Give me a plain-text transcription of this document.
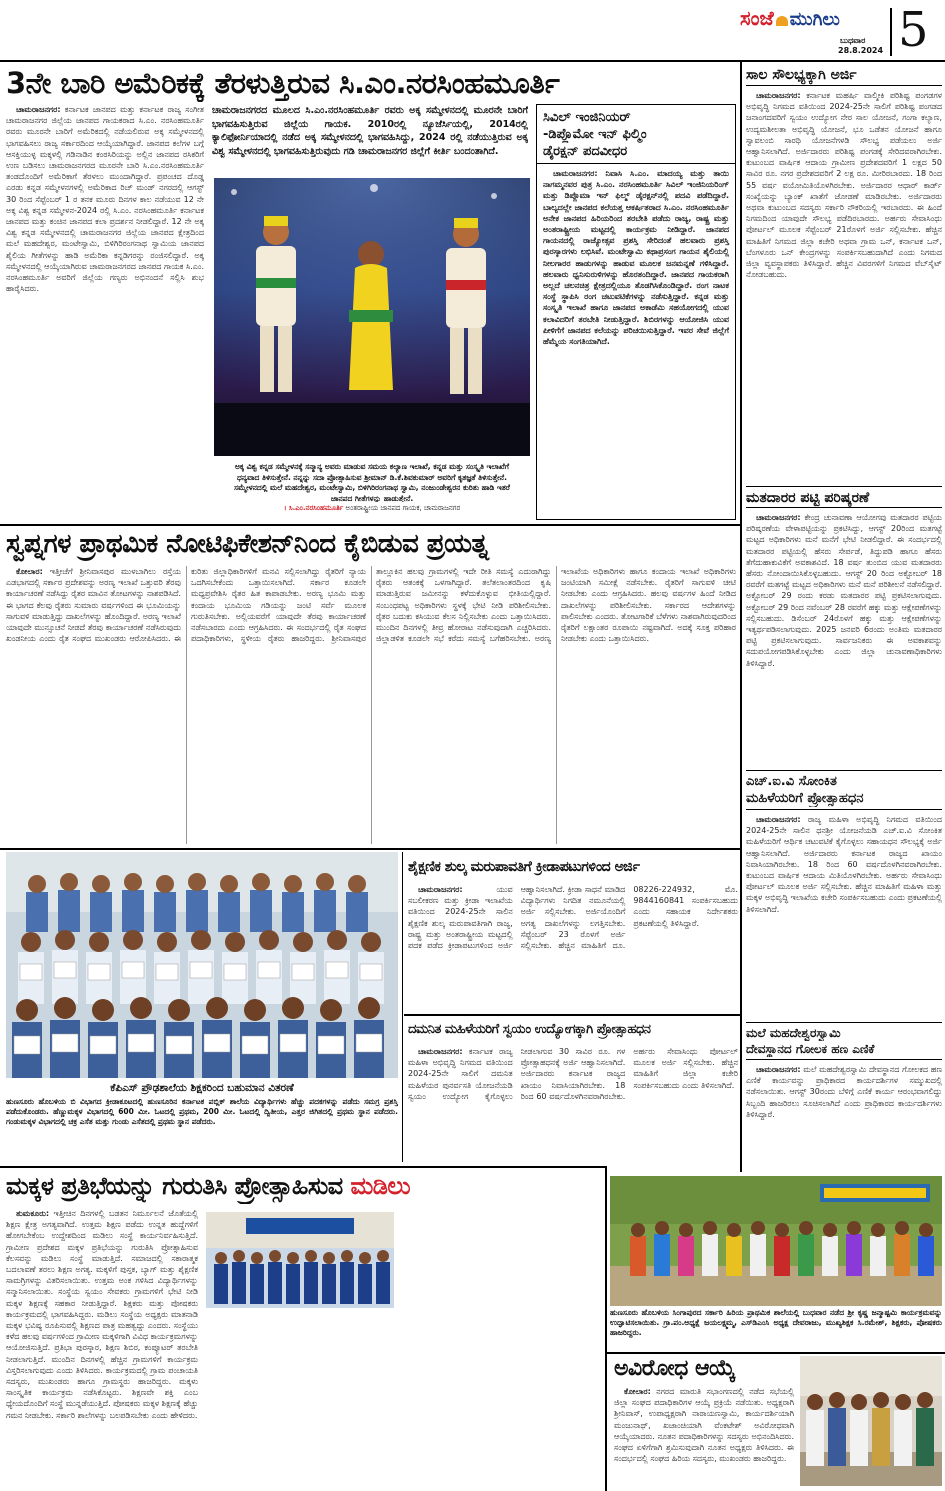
ಸಂಜೆ ಮುಗಿಲು
ಬುಧವಾರ
28.8.2024 5
3ನೇ ಬಾರಿ ಅಮೆರಿಕಕ್ಕೆ ತೆರಳುತ್ತಿರುವ ಸಿ.ಎಂ.ನರಸಿಂಹಮೂರ್ತಿ

ಚಾಮರಾಜನಗರ: ಕರ್ನಾಟಕ ಜಾನಪದ ಮತ್ತು ಕರ್ನಾಟಕ ರಾಜ್ಯ ಸಂಗೀತ ಚಾಮರಾಜನಗರ ಜಿಲ್ಲೆಯ ಜಾನಪದ ಗಾಯಕರಾದ ಸಿ.ಎಂ. ನರಸಿಂಹಮೂರ್ತಿ ರವರು ಮೂರನೇ ಬಾರಿಗೆ ಅಮೆರಿಕದಲ್ಲಿ ನಡೆಯಲಿರುವ ಅಕ್ಕ ಸಮ್ಮೇಳನದಲ್ಲಿ ಭಾಗವಹಿಸಲು ರಾಜ್ಯ ಸರ್ಕಾರದಿಂದ ಆಯ್ಕೆಯಾಗಿದ್ದಾರೆ. ಜಾನಪದ ಕಲೆಗಳ ಬಗ್ಗೆ ಆಸಕ್ತಿಯುಳ್ಳ ಮಕ್ಕಳಲ್ಲಿ ಗಡಿನಾಡಿನ ಕಂಠಸಿರಿಯನ್ನು ಅಲ್ಲಿನ ಜಾನಪದ ರಸಿಕರಿಗೆ ಉಣ ಬಡಿಸಲು ಚಾಮರಾಜನಗರದ ಮೂರನೇ ಬಾರಿ ಸಿ.ಎಂ.ನರಸಿಂಹಮೂರ್ತಿ ತಂಡದೊಂದಿಗೆ ಅಮೆರಿಕಾಗೆ ತೆರಳಲು ಮುಂದಾಗಿದ್ದಾರೆ. ಪ್ರಪಂಚದ ದೊಡ್ಡ ಎರಡು ಕನ್ನಡ ಸಮ್ಮೇಳನಗಳಲ್ಲಿ ಅಮೆರಿಕಾದ ರಿಚ್ ಮಂಡ್ ನಗರದಲ್ಲಿ ಆಗಸ್ಟ್ 30 ರಿಂದ ಸೆಪ್ಟೆಂಬರ್ 1 ರ ತನಕ ಮೂರು ದಿನಗಳ ಕಾಲ ನಡೆಯುವ 12 ನೇ ಅಕ್ಕ ವಿಶ್ವ ಕನ್ನಡ ಸಮ್ಮೇಳನ-2024 ರಲ್ಲಿ ಸಿ.ಎಂ. ನರಸಿಂಹಮೂರ್ತಿ ಕರ್ನಾಟಕ ಜಾನಪದ ಮತ್ತು ಕಂಚಿನ ಜಾನಪದ ಕಲಾ ಪ್ರದರ್ಶನ ನೀಡಲಿದ್ದಾರೆ. 12 ನೇ ಅಕ್ಕ ವಿಶ್ವ ಕನ್ನಡ ಸಮ್ಮೇಳನದಲ್ಲಿ ಚಾಮರಾಜನಗರ ಜಿಲ್ಲೆಯ ಜಾನಪದ ಕ್ಷೇತ್ರದಿಂದ ಮಲೆ ಮಹದೇಶ್ವರ, ಮಂಟೇಸ್ವಾಮಿ, ಬಿಳಿಗಿರಿರಂಗನಾಥ ಸ್ವಾಮಿಯ ಜಾನಪದ ಶೈಲಿಯ ಗೀತೆಗಳನ್ನು ಹಾಡಿ ಅಮೆರಿಕಾ ಕನ್ನಡಿಗರನ್ನು ರಂಜಿಸಲಿದ್ದಾರೆ. ಅಕ್ಕ ಸಮ್ಮೇಳನದಲ್ಲಿ ಆಯ್ಕೆಯಾಗಿರುವ ಚಾಮರಾಜನಗರದ ಜಾನಪದ ಗಾಯಕ ಸಿ.ಎಂ. ನರಸಿಂಹಮೂರ್ತಿ ಅವರಿಗೆ ಜಿಲ್ಲೆಯ ಗಣ್ಯರು ಅಭಿನಂದನೆ ಸಲ್ಲಿಸಿ ಶುಭ ಹಾರೈಸಿದರು.

ಚಾಮರಾಜನಗರದ ಮೂಲದ ಸಿ.ಎಂ.ನರಸಿಂಹಮೂರ್ತಿ ರವರು ಅಕ್ಕ ಸಮ್ಮೇಳನದಲ್ಲಿ ಮೂರನೇ ಬಾರಿಗೆ ಭಾಗವಹಿಸುತ್ತಿರುವ ಜಿಲ್ಲೆಯ ಗಾಯಕ. 2010ರಲ್ಲಿ ನ್ಯೂಜೆರ್ಸಿಯಲ್ಲಿ, 2014ರಲ್ಲಿ ಕ್ಯಾಲಿಫೋರ್ನಿಯಾದಲ್ಲಿ ನಡೆದ ಅಕ್ಕ ಸಮ್ಮೇಳನದಲ್ಲಿ ಭಾಗವಹಿಸಿದ್ದು, 2024 ರಲ್ಲಿ ನಡೆಯುತ್ತಿರುವ ಅಕ್ಕ ವಿಶ್ವ ಸಮ್ಮೇಳನದಲ್ಲಿ ಭಾಗವಹಿಸುತ್ತಿರುವುದು ಗಡಿ ಚಾಮರಾಜನಗರ ಜಿಲ್ಲೆಗೆ ಕೀರ್ತಿ ಬಂದಂತಾಗಿದೆ.
ಅಕ್ಕ ವಿಶ್ವ ಕನ್ನಡ ಸಮ್ಮೇಳನಕ್ಕೆ ಸನ್ಮಾನ್ಯ ಅವರು ಮಾಡುವ ಸಮಯ ಕಲ್ಯಾಣ ಇಲಾಖೆ, ಕನ್ನಡ ಮತ್ತು ಸಂಸ್ಕೃತಿ ಇಲಾಖೆಗೆ ಧನ್ಯವಾದ ತಿಳಿಸುತ್ತೇನೆ. ನನ್ನನ್ನು ಸದಾ ಪ್ರೋತ್ಸಾಹಿಸುವ ಶ್ರೀಮಾನ್ ಡಿ.ಕೆ.ಶಿವಕುಮಾರ್ ಅವರಿಗೆ ಕೃತಜ್ಞತೆ ತಿಳಿಸುತ್ತೇನೆ. ಸಮ್ಮೇಳನದಲ್ಲಿ ಮಲೆ ಮಹದೇಶ್ವರ, ಮಂಟೇಸ್ವಾಮಿ, ಬಿಳಿಗಿರಿರಂಗನಾಥ ಸ್ವಾಮಿ, ನಂಜುಂಡೇಶ್ವರನ ಕುರಿತು ಹಾಡಿ ಇತರೆ ಜಾನಪದ ಗೀತೆಗಳನ್ನು ಹಾಡುತ್ತೇನೆ.
। ಸಿ.ಎಂ.ನರಸಿಂಹಮೂರ್ತಿ ಅಂತರಾಷ್ಟ್ರೀಯ ಜಾನಪದ ಗಾಯಕ, ಚಾಮರಾಜನಗರ
ಸಾಲ ಸೌಲಭ್ಯಕ್ಕಾಗಿ ಅರ್ಜಿ

ಚಾಮರಾಜನಗರ: ಕರ್ನಾಟಕ ಮಹರ್ಷಿ ವಾಲ್ಮೀಕಿ ಪರಿಶಿಷ್ಟ ಪಂಗಡಗಳ ಅಭಿವೃದ್ಧಿ ನಿಗಮದ ವತಿಯಿಂದ 2024-25ನೇ ಸಾಲಿಗೆ ಪರಿಶಿಷ್ಟ ಪಂಗಡದ ಜನಾಂಗದವರಿಗೆ ಸ್ವಯಂ ಉದ್ಯೋಗ ನೇರ ಸಾಲ ಯೋಜನೆ, ಗಂಗಾ ಕಲ್ಯಾಣ, ಉದ್ಯಮಶೀಲತಾ ಅಭಿವೃದ್ಧಿ ಯೋಜನೆ, ಭೂ ಒಡೆತನ ಯೋಜನೆ ಹಾಗೂ ಸ್ವಾವಲಂಬಿ ಸಾರಥಿ ಯೋಜನೆಗಳಡಿ ಸೌಲಭ್ಯ ಪಡೆಯಲು ಅರ್ಜಿ ಆಹ್ವಾನಿಸಲಾಗಿದೆ. ಅರ್ಜಿದಾರರು ಪರಿಶಿಷ್ಟ ಪಂಗಡಕ್ಕೆ ಸೇರಿದವರಾಗಿರಬೇಕು. ಕುಟುಂಬದ ವಾರ್ಷಿಕ ಆದಾಯ ಗ್ರಾಮೀಣ ಪ್ರದೇಶದವರಿಗೆ 1 ಲಕ್ಷದ 50 ಸಾವಿರ ರೂ. ನಗರ ಪ್ರದೇಶದವರಿಗೆ 2 ಲಕ್ಷ ರೂ. ಮೀರಿರಬಾರದು. 18 ರಿಂದ 55 ವರ್ಷ ವಯೋಮಿತಿಯೊಳಗಿರಬೇಕು. ಅರ್ಜಿದಾರರ ಆಧಾರ್ ಕಾರ್ಡ್ ಸಂಖ್ಯೆಯನ್ನು ಬ್ಯಾಂಕ್ ಖಾತೆಗೆ ಜೋಡಣೆ ಮಾಡಿರಬೇಕು. ಅರ್ಜಿದಾರರು ಅಥವಾ ಕುಟುಂಬದ ಸದಸ್ಯರು ಸರ್ಕಾರಿ ನೌಕರಿಯಲ್ಲಿ ಇರಬಾರದು. ಈ ಹಿಂದೆ ನಿಗಮದಿಂದ ಯಾವುದೇ ಸೌಲಭ್ಯ ಪಡೆದಿರಬಾರದು. ಅರ್ಹರು ಸೇವಾಸಿಂಧು ಪೋರ್ಟಲ್ ಮೂಲಕ ಸೆಪ್ಟೆಂಬರ್ 21ರೊಳಗೆ ಅರ್ಜಿ ಸಲ್ಲಿಸಬೇಕು. ಹೆಚ್ಚಿನ ಮಾಹಿತಿಗೆ ನಿಗಮದ ಜಿಲ್ಲಾ ಕಚೇರಿ ಅಥವಾ ಗ್ರಾಮ ಒನ್, ಕರ್ನಾಟಕ ಒನ್, ಬೆಂಗಳೂರು ಒನ್ ಕೇಂದ್ರಗಳನ್ನು ಸಂಪರ್ಕಿಸಬಹುದಾಗಿದೆ ಎಂದು ನಿಗಮದ ಜಿಲ್ಲಾ ವ್ಯವಸ್ಥಾಪಕರು ತಿಳಿಸಿದ್ದಾರೆ. ಹೆಚ್ಚಿನ ವಿವರಗಳಿಗೆ ನಿಗಮದ ವೆಬ್‌ಸೈಟ್ ನೋಡಬಹುದು.

ಮತದಾರರ ಪಟ್ಟಿ ಪರಿಷ್ಕರಣೆ

ಚಾಮರಾಜನಗರ: ಕೇಂದ್ರ ಚುನಾವಣಾ ಆಯೋಗವು ಮತದಾರರ ಪಟ್ಟಿಯ ಪರಿಷ್ಕರಣೆಯ ವೇಳಾಪಟ್ಟಿಯನ್ನು ಪ್ರಕಟಿಸಿದ್ದು, ಆಗಸ್ಟ್ 20ರಿಂದ ಮತಗಟ್ಟೆ ಮಟ್ಟದ ಅಧಿಕಾರಿಗಳು ಮನೆ ಮನೆಗೆ ಭೇಟಿ ನೀಡಲಿದ್ದಾರೆ. ಈ ಸಂದರ್ಭದಲ್ಲಿ ಮತದಾರರ ಪಟ್ಟಿಯಲ್ಲಿ ಹೆಸರು ಸೇರ್ಪಡೆ, ತಿದ್ದುಪಡಿ ಹಾಗೂ ಹೆಸರು ತೆಗೆದುಹಾಕುವಿಕೆಗೆ ಅವಕಾಶವಿದೆ. 18 ವರ್ಷ ತುಂಬಿದ ಯುವ ಮತದಾರರು ಹೆಸರು ನೋಂದಾಯಿಸಿಕೊಳ್ಳಬಹುದು. ಆಗಸ್ಟ್ 20 ರಿಂದ ಅಕ್ಟೋಬರ್ 18 ರವರೆಗೆ ಮತಗಟ್ಟೆ ಮಟ್ಟದ ಅಧಿಕಾರಿಗಳು ಮನೆ ಮನೆ ಪರಿಶೀಲನೆ ನಡೆಸಲಿದ್ದಾರೆ. ಅಕ್ಟೋಬರ್ 29 ರಂದು ಕರಡು ಮತದಾರರ ಪಟ್ಟಿ ಪ್ರಕಟಿಸಲಾಗುವುದು. ಅಕ್ಟೋಬರ್ 29 ರಿಂದ ನವೆಂಬರ್ 28 ರವರೆಗೆ ಹಕ್ಕು ಮತ್ತು ಆಕ್ಷೇಪಣೆಗಳನ್ನು ಸಲ್ಲಿಸಬಹುದು. ಡಿಸೆಂಬರ್ 24ರೊಳಗೆ ಹಕ್ಕು ಮತ್ತು ಆಕ್ಷೇಪಣೆಗಳನ್ನು ಇತ್ಯರ್ಥಪಡಿಸಲಾಗುವುದು. 2025 ಜನವರಿ 6ರಂದು ಅಂತಿಮ ಮತದಾರರ ಪಟ್ಟಿ ಪ್ರಕಟಿಸಲಾಗುವುದು. ಸಾರ್ವಜನಿಕರು ಈ ಅವಕಾಶವನ್ನು ಸದುಪಯೋಗಪಡಿಸಿಕೊಳ್ಳಬೇಕು ಎಂದು ಜಿಲ್ಲಾ ಚುನಾವಣಾಧಿಕಾರಿಗಳು ತಿಳಿಸಿದ್ದಾರೆ.

ಎಚ್.ಐ.ವಿ ಸೋಂಕಿತ
ಮಹಿಳೆಯರಿಗೆ ಪ್ರೋತ್ಸಾಹಧನ

ಚಾಮರಾಜನಗರ: ರಾಜ್ಯ ಮಹಿಳಾ ಅಭಿವೃದ್ಧಿ ನಿಗಮದ ವತಿಯಿಂದ 2024-25ನೇ ಸಾಲಿನ ಧನಶ್ರೀ ಯೋಜನೆಯಡಿ ಎಚ್.ಐ.ವಿ ಸೋಂಕಿತ ಮಹಿಳೆಯರಿಗೆ ಆರ್ಥಿಕ ಚಟುವಟಿಕೆ ಕೈಗೊಳ್ಳಲು ಸಹಾಯಧನ ಸೌಲಭ್ಯಕ್ಕೆ ಅರ್ಜಿ ಆಹ್ವಾನಿಸಲಾಗಿದೆ. ಅರ್ಜಿದಾರರು ಕರ್ನಾಟಕ ರಾಜ್ಯದ ಖಾಯಂ ನಿವಾಸಿಯಾಗಿರಬೇಕು. 18 ರಿಂದ 60 ವರ್ಷದೊಳಗಿನವರಾಗಿರಬೇಕು. ಕುಟುಂಬದ ವಾರ್ಷಿಕ ಆದಾಯ ಮಿತಿಯೊಳಗಿರಬೇಕು. ಅರ್ಹರು ಸೇವಾಸಿಂಧು ಪೋರ್ಟಲ್ ಮೂಲಕ ಅರ್ಜಿ ಸಲ್ಲಿಸಬೇಕು. ಹೆಚ್ಚಿನ ಮಾಹಿತಿಗೆ ಮಹಿಳಾ ಮತ್ತು ಮಕ್ಕಳ ಅಭಿವೃದ್ಧಿ ಇಲಾಖೆಯ ಕಚೇರಿ ಸಂಪರ್ಕಿಸಬಹುದು ಎಂದು ಪ್ರಕಟಣೆಯಲ್ಲಿ ತಿಳಿಸಲಾಗಿದೆ.

ಮಲೆ ಮಹದೇಶ್ವರಸ್ವಾಮಿ
ದೇವಸ್ಥಾನದ ಗೋಲಕ ಹಣ ಎಣಿಕೆ

ಚಾಮರಾಜನಗರ: ಮಲೆ ಮಹದೇಶ್ವರಸ್ವಾಮಿ ದೇವಸ್ಥಾನದ ಗೋಲಕದ ಹಣ ಎಣಿಕೆ ಕಾರ್ಯವನ್ನು ಪ್ರಾಧಿಕಾರದ ಕಾರ್ಯದರ್ಶಿಗಳ ಸಮ್ಮುಖದಲ್ಲಿ ನಡೆಸಲಾಯಿತು. ಆಗಸ್ಟ್ 30ರಂದು ಬೆಳಿಗ್ಗೆ ಎಣಿಕೆ ಕಾರ್ಯ ಆರಂಭವಾಗಲಿದ್ದು ಸಿಬ್ಬಂದಿ ಹಾಜರಿರಲು ಸೂಚಿಸಲಾಗಿದೆ ಎಂದು ಪ್ರಾಧಿಕಾರದ ಕಾರ್ಯದರ್ಶಿಗಳು ತಿಳಿಸಿದ್ದಾರೆ.

ಸ್ವಪ್ನಗಳ ಪ್ರಾಥಮಿಕ ನೋಟಿಫಿಕೇಶನ್‌ನಿಂದ ಕೈಬಿಡುವ ಪ್ರಯತ್ನ

ಕೋಲಾರ: ಇತ್ತೀಚೆಗೆ ಶ್ರೀನಿವಾಸಪುರ ಮುಳಬಾಗಿಲು ರಸ್ತೆಯ ಎಡಭಾಗದಲ್ಲಿ ಸರ್ಕಾರ ಪ್ರದೇಶವನ್ನು ಅರಣ್ಯ ಇಲಾಖೆ ಒತ್ತುವರಿ ತೆರವು ಕಾರ್ಯಾಚರಣೆ ನಡೆಸಿದ್ದು ರೈತರ ಮಾವಿನ ತೋಟಗಳನ್ನು ನಾಶಪಡಿಸಿದೆ. ಈ ಭಾಗದ ಕೆಲವು ರೈತರು ಸುಮಾರು ವರ್ಷಗಳಿಂದ ಈ ಭೂಮಿಯನ್ನು ಸಾಗುವಳಿ ಮಾಡುತ್ತಿದ್ದು ದಾಖಲೆಗಳನ್ನು ಹೊಂದಿದ್ದಾರೆ. ಅರಣ್ಯ ಇಲಾಖೆ ಯಾವುದೇ ಮುನ್ಸೂಚನೆ ನೀಡದೆ ತೆರವು ಕಾರ್ಯಾಚರಣೆ ನಡೆಸಿರುವುದು ಖಂಡನೀಯ ಎಂದು ರೈತ ಸಂಘದ ಮುಖಂಡರು ಆರೋಪಿಸಿದರು. ಈ ಕುರಿತು ಜಿಲ್ಲಾಧಿಕಾರಿಗಳಿಗೆ ಮನವಿ ಸಲ್ಲಿಸಲಾಗಿದ್ದು ರೈತರಿಗೆ ನ್ಯಾಯ ಒದಗಿಸಬೇಕೆಂದು ಒತ್ತಾಯಿಸಲಾಗಿದೆ. ಸರ್ಕಾರ ಕೂಡಲೇ ಮಧ್ಯಪ್ರವೇಶಿಸಿ ರೈತರ ಹಿತ ಕಾಪಾಡಬೇಕು. ಅರಣ್ಯ ಭೂಮಿ ಮತ್ತು ಕಂದಾಯ ಭೂಮಿಯ ಗಡಿಯನ್ನು ಜಂಟಿ ಸರ್ವೆ ಮೂಲಕ ಗುರುತಿಸಬೇಕು. ಅಲ್ಲಿಯವರೆಗೆ ಯಾವುದೇ ತೆರವು ಕಾರ್ಯಾಚರಣೆ ನಡೆಸಬಾರದು ಎಂದು ಆಗ್ರಹಿಸಿದರು. ಈ ಸಂದರ್ಭದಲ್ಲಿ ರೈತ ಸಂಘದ ಪದಾಧಿಕಾರಿಗಳು, ಸ್ಥಳೀಯ ರೈತರು ಹಾಜರಿದ್ದರು. ಶ್ರೀನಿವಾಸಪುರ ತಾಲ್ಲೂಕಿನ ಹಲವು ಗ್ರಾಮಗಳಲ್ಲಿ ಇದೇ ರೀತಿ ಸಮಸ್ಯೆ ಎದುರಾಗಿದ್ದು ರೈತರು ಆತಂಕಕ್ಕೆ ಒಳಗಾಗಿದ್ದಾರೆ. ತಲೆತಲಾಂತರದಿಂದ ಕೃಷಿ ಮಾಡುತ್ತಿರುವ ಜಮೀನನ್ನು ಕಳೆದುಕೊಳ್ಳುವ ಭೀತಿಯಲ್ಲಿದ್ದಾರೆ. ಸಂಬಂಧಪಟ್ಟ ಅಧಿಕಾರಿಗಳು ಸ್ಥಳಕ್ಕೆ ಭೇಟಿ ನೀಡಿ ಪರಿಶೀಲಿಸಬೇಕು. ರೈತರ ಬದುಕು ಕಸಿಯುವ ಕೆಲಸ ನಿಲ್ಲಿಸಬೇಕು ಎಂದು ಒತ್ತಾಯಿಸಿದರು. ಮುಂದಿನ ದಿನಗಳಲ್ಲಿ ತೀವ್ರ ಹೋರಾಟ ನಡೆಸುವುದಾಗಿ ಎಚ್ಚರಿಸಿದರು. ಜಿಲ್ಲಾಡಳಿತ ಕೂಡಲೇ ಸಭೆ ಕರೆದು ಸಮಸ್ಯೆ ಬಗೆಹರಿಸಬೇಕು. ಅರಣ್ಯ ಇಲಾಖೆಯ ಅಧಿಕಾರಿಗಳು ಹಾಗೂ ಕಂದಾಯ ಇಲಾಖೆ ಅಧಿಕಾರಿಗಳು ಜಂಟಿಯಾಗಿ ಸಮೀಕ್ಷೆ ನಡೆಸಬೇಕು. ರೈತರಿಗೆ ಸಾಗುವಳಿ ಚೀಟಿ ನೀಡಬೇಕು ಎಂದು ಆಗ್ರಹಿಸಿದರು. ಹಲವು ವರ್ಷಗಳ ಹಿಂದೆ ನೀಡಿದ ದಾಖಲೆಗಳನ್ನು ಪರಿಶೀಲಿಸಬೇಕು. ಸರ್ಕಾರದ ಆದೇಶಗಳನ್ನು ಪಾಲಿಸಬೇಕು ಎಂದರು. ತೋಟಗಾರಿಕೆ ಬೆಳೆಗಳು ನಾಶವಾಗಿರುವುದರಿಂದ ರೈತರಿಗೆ ಲಕ್ಷಾಂತರ ರೂಪಾಯಿ ನಷ್ಟವಾಗಿದೆ. ಅದಕ್ಕೆ ಸೂಕ್ತ ಪರಿಹಾರ ನೀಡಬೇಕು ಎಂದು ಒತ್ತಾಯಿಸಿದರು.

ಕೆಪಿಎಸ್ ಪ್ರೌಢಶಾಲೆಯ ಶಿಕ್ಷಕರಿಂದ ಬಹುಮಾನ ವಿತರಣೆ
ಹುಣಸೂರು ಹೊಬಳಿಯ ಬಿ ವಿಭಾಗದ ಕ್ರೀಡಾಕೂಟದಲ್ಲಿ ಹುಣಸೂರಿನ ಕರ್ನಾಟಕ ಪಬ್ಲಿಕ್ ಶಾಲೆಯ ವಿದ್ಯಾರ್ಥಿಗಳು ಹೆಚ್ಚು ಪದಕಗಳನ್ನು ಪಡೆದು ಸಮಗ್ರ ಪ್ರಶಸ್ತಿ ಪಡೆದುಕೊಂಡರು. ಹೆಣ್ಣುಮಕ್ಕಳ ವಿಭಾಗದಲ್ಲಿ 600 ಮೀ. ಓಟದಲ್ಲಿ ಪ್ರಥಮ, 200 ಮೀ. ಓಟದಲ್ಲಿ ದ್ವಿತೀಯ, ಎತ್ತರ ಜಿಗಿತದಲ್ಲಿ ಪ್ರಥಮ ಸ್ಥಾನ ಪಡೆದರು. ಗಂಡುಮಕ್ಕಳ ವಿಭಾಗದಲ್ಲಿ ಚಕ್ರ ಎಸೆತ ಮತ್ತು ಗುಂಡು ಎಸೆತದಲ್ಲಿ ಪ್ರಥಮ ಸ್ಥಾನ ಪಡೆದರು.
ಶೈಕ್ಷಣಿಕ ಶುಲ್ಕ ಮರುಪಾವತಿಗೆ ಕ್ರೀಡಾಪಟುಗಳಿಂದ ಅರ್ಜಿ

ಚಾಮರಾಜನಗರ:	ಯುವ ಸಬಲೀಕರಣ ಮತ್ತು ಕ್ರೀಡಾ ಇಲಾಖೆಯ ವತಿಯಿಂದ 2024-25ನೇ ಸಾಲಿನ ಶೈಕ್ಷಣಿಕ ಶುಲ್ಕ ಮರುಪಾವತಿಗಾಗಿ ರಾಜ್ಯ, ರಾಷ್ಟ್ರ ಮತ್ತು ಅಂತರಾಷ್ಟ್ರೀಯ ಮಟ್ಟದಲ್ಲಿ ಪದಕ ಪಡೆದ ಕ್ರೀಡಾಪಟುಗಳಿಂದ ಅರ್ಜಿ ಆಹ್ವಾನಿಸಲಾಗಿದೆ. ಕ್ರೀಡಾ ಸಾಧನೆ ಮಾಡಿದ ವಿದ್ಯಾರ್ಥಿಗಳು ನಿಗದಿತ ನಮೂನೆಯಲ್ಲಿ ಅರ್ಜಿ ಸಲ್ಲಿಸಬೇಕು. ಅರ್ಜಿಯೊಂದಿಗೆ ಅಗತ್ಯ ದಾಖಲೆಗಳನ್ನು ಲಗತ್ತಿಸಬೇಕು. ಸೆಪ್ಟೆಂಬರ್ 23 ರೊಳಗೆ ಅರ್ಜಿ ಸಲ್ಲಿಸಬೇಕು. ಹೆಚ್ಚಿನ ಮಾಹಿತಿಗೆ ದೂ. 08226-224932, ಮೊ. 9844160841 ಸಂಪರ್ಕಿಸಬಹುದು ಎಂದು ಸಹಾಯಕ ನಿರ್ದೇಶಕರು ಪ್ರಕಟಣೆಯಲ್ಲಿ ತಿಳಿಸಿದ್ದಾರೆ.

ದಮನಿತ ಮಹಿಳೆಯರಿಗೆ ಸ್ವಯಂ ಉದ್ಯೋಗಕ್ಕಾಗಿ ಪ್ರೋತ್ಸಾಹಧನ

ಚಾಮರಾಜನಗರ: ಕರ್ನಾಟಕ ರಾಜ್ಯ ಮಹಿಳಾ ಅಭಿವೃದ್ಧಿ ನಿಗಮದ ವತಿಯಿಂದ 2024-25ನೇ ಸಾಲಿಗೆ ದಮನಿತ ಮಹಿಳೆಯರ ಪುನರ್ವಸತಿ ಯೋಜನೆಯಡಿ ಸ್ವಯಂ ಉದ್ಯೋಗ ಕೈಗೊಳ್ಳಲು ನೀಡಲಾಗುವ 30 ಸಾವಿರ ರೂ. ಗಳ ಪ್ರೋತ್ಸಾಹಧನಕ್ಕೆ ಅರ್ಜಿ ಆಹ್ವಾನಿಸಲಾಗಿದೆ. ಅರ್ಜಿದಾರರು ಕರ್ನಾಟಕ ರಾಜ್ಯದ ಖಾಯಂ ನಿವಾಸಿಯಾಗಿರಬೇಕು. 18 ರಿಂದ 60 ವರ್ಷದೊಳಗಿನವರಾಗಿರಬೇಕು. ಅರ್ಹರು ಸೇವಾಸಿಂಧು ಪೋರ್ಟಲ್ ಮೂಲಕ ಅರ್ಜಿ ಸಲ್ಲಿಸಬೇಕು. ಹೆಚ್ಚಿನ ಮಾಹಿತಿಗೆ ಜಿಲ್ಲಾ ಕಚೇರಿ ಸಂಪರ್ಕಿಸಬಹುದು ಎಂದು ತಿಳಿಸಲಾಗಿದೆ.

ಮಕ್ಕಳ ಪ್ರತಿಭೆಯನ್ನು ಗುರುತಿಸಿ ಪ್ರೋತ್ಸಾಹಿಸುವ ಮಡಿಲು

ತುಮಕೂರು: ಇತ್ತೀಚಿನ ದಿನಗಳಲ್ಲಿ ಬಡತನ ನಿರ್ಮೂಲನೆ ಜೊತೆಯಲ್ಲಿ ಶಿಕ್ಷಣ ಕ್ಷೇತ್ರ ಅಗತ್ಯವಾಗಿದೆ. ಉತ್ತಮ ಶಿಕ್ಷಣ ಪಡೆದು ಉನ್ನತ ಹುದ್ದೆಗಳಿಗೆ ಹೋಗಬೇಕೆಂಬ ಉದ್ದೇಶದಿಂದ ಮಡಿಲು ಸಂಸ್ಥೆ ಕಾರ್ಯನಿರ್ವಹಿಸುತ್ತಿದೆ. ಗ್ರಾಮೀಣ ಪ್ರದೇಶದ ಮಕ್ಕಳ ಪ್ರತಿಭೆಯನ್ನು ಗುರುತಿಸಿ ಪ್ರೋತ್ಸಾಹಿಸುವ ಕೆಲಸವನ್ನು ಮಡಿಲು ಸಂಸ್ಥೆ ಮಾಡುತ್ತಿದೆ. ಸಮಾಜದಲ್ಲಿ ಸಕಾರಾತ್ಮಕ ಬದಲಾವಣೆ ತರಲು ಶಿಕ್ಷಣ ಅಗತ್ಯ. ಮಕ್ಕಳಿಗೆ ಪುಸ್ತಕ, ಬ್ಯಾಗ್ ಮತ್ತು ಶೈಕ್ಷಣಿಕ ಸಾಮಗ್ರಿಗಳನ್ನು ವಿತರಿಸಲಾಯಿತು. ಉತ್ತಮ ಅಂಕ ಗಳಿಸಿದ ವಿದ್ಯಾರ್ಥಿಗಳನ್ನು ಸನ್ಮಾನಿಸಲಾಯಿತು. ಸಂಸ್ಥೆಯ ಸ್ವಯಂ ಸೇವಕರು ಗ್ರಾಮಗಳಿಗೆ ಭೇಟಿ ನೀಡಿ ಮಕ್ಕಳ ಶಿಕ್ಷಣಕ್ಕೆ ಸಹಕಾರ ನೀಡುತ್ತಿದ್ದಾರೆ. ಶಿಕ್ಷಕರು ಮತ್ತು ಪೋಷಕರು ಕಾರ್ಯಕ್ರಮದಲ್ಲಿ ಭಾಗವಹಿಸಿದ್ದರು. ಮಡಿಲು ಸಂಸ್ಥೆಯ ಅಧ್ಯಕ್ಷರು ಮಾತನಾಡಿ ಮಕ್ಕಳ ಭವಿಷ್ಯ ರೂಪಿಸುವಲ್ಲಿ ಶಿಕ್ಷಣದ ಪಾತ್ರ ಮಹತ್ವದ್ದು ಎಂದರು. ಸಂಸ್ಥೆಯು ಕಳೆದ ಹಲವು ವರ್ಷಗಳಿಂದ ಗ್ರಾಮೀಣ ಮಕ್ಕಳಿಗಾಗಿ ವಿವಿಧ ಕಾರ್ಯಕ್ರಮಗಳನ್ನು ಆಯೋಜಿಸುತ್ತಿದೆ. ಪ್ರತಿಭಾ ಪುರಸ್ಕಾರ, ಶಿಕ್ಷಣ ಶಿಬಿರ, ಕಂಪ್ಯೂಟರ್ ತರಬೇತಿ ನೀಡಲಾಗುತ್ತಿದೆ. ಮುಂದಿನ ದಿನಗಳಲ್ಲಿ ಹೆಚ್ಚಿನ ಗ್ರಾಮಗಳಿಗೆ ಕಾರ್ಯಕ್ರಮ ವಿಸ್ತರಿಸಲಾಗುವುದು ಎಂದು ತಿಳಿಸಿದರು. ಕಾರ್ಯಕ್ರಮದಲ್ಲಿ ಗ್ರಾಮ ಪಂಚಾಯತಿ ಸದಸ್ಯರು, ಮುಖಂಡರು ಹಾಗೂ ಗ್ರಾಮಸ್ಥರು ಹಾಜರಿದ್ದರು. ಮಕ್ಕಳು ಸಾಂಸ್ಕೃತಿಕ ಕಾರ್ಯಕ್ರಮ ನಡೆಸಿಕೊಟ್ಟರು. ಶಿಕ್ಷಣವೇ ಶಕ್ತಿ ಎಂಬ ಧ್ಯೇಯದೊಂದಿಗೆ ಸಂಸ್ಥೆ ಮುನ್ನಡೆಯುತ್ತಿದೆ. ಪೋಷಕರು ಮಕ್ಕಳ ಶಿಕ್ಷಣಕ್ಕೆ ಹೆಚ್ಚು ಗಮನ ನೀಡಬೇಕು. ಸರ್ಕಾರಿ ಶಾಲೆಗಳನ್ನು ಬಲಪಡಿಸಬೇಕು ಎಂದು ಹೇಳಿದರು.

ಹುಣಸೂರು ಹೊಬಳಿಯ ಸಿಂಗಾಪುರದ ಸರ್ಕಾರಿ ಹಿರಿಯ ಪ್ರಾಥಮಿಕ ಶಾಲೆಯಲ್ಲಿ ಬುಧವಾರ ನಡೆದ ಶ್ರೀ ಕೃಷ್ಣ ಜನ್ಮಾಷ್ಟಮಿ ಕಾರ್ಯಕ್ರಮವನ್ನು ಉದ್ಘಾಟಿಸಲಾಯಿತು. ಗ್ರಾ.ಪಂ.ಅಧ್ಯಕ್ಷೆ ಜಯಲಕ್ಷ್ಮಮ್ಮ, ಎಸ್‌ಡಿಎಂಸಿ ಅಧ್ಯಕ್ಷ ದೇವರಾಜು, ಮುಖ್ಯಶಿಕ್ಷಕ ಸಿ.ರಮೇಶ್, ಶಿಕ್ಷಕರು, ಪೋಷಕರು ಹಾಜರಿದ್ದರು.
ಅವಿರೋಧ ಆಯ್ಕೆ

ಕೋಲಾರ: ನಗರದ ಮಾರುತಿ ಸಭಾಂಗಣದಲ್ಲಿ ನಡೆದ ಸಭೆಯಲ್ಲಿ ಜಿಲ್ಲಾ ಸಂಘದ ಪದಾಧಿಕಾರಿಗಳ ಆಯ್ಕೆ ಪ್ರಕ್ರಿಯೆ ನಡೆಯಿತು. ಅಧ್ಯಕ್ಷರಾಗಿ ಶ್ರೀನಿವಾಸ್, ಉಪಾಧ್ಯಕ್ಷರಾಗಿ ನಾರಾಯಣಸ್ವಾಮಿ, ಕಾರ್ಯದರ್ಶಿಯಾಗಿ ಮಂಜುನಾಥ್, ಖಜಾಂಚಿಯಾಗಿ ವೆಂಕಟೇಶ್ ಅವಿರೋಧವಾಗಿ ಆಯ್ಕೆಯಾದರು. ನೂತನ ಪದಾಧಿಕಾರಿಗಳನ್ನು ಸದಸ್ಯರು ಅಭಿನಂದಿಸಿದರು. ಸಂಘದ ಏಳಿಗೆಗಾಗಿ ಶ್ರಮಿಸುವುದಾಗಿ ನೂತನ ಅಧ್ಯಕ್ಷರು ತಿಳಿಸಿದರು. ಈ ಸಂದರ್ಭದಲ್ಲಿ ಸಂಘದ ಹಿರಿಯ ಸದಸ್ಯರು, ಮುಖಂಡರು ಹಾಜರಿದ್ದರು.

ಸಿವಿಲ್ ಇಂಜಿನಿಯರ್
-ಡಿಪ್ಲೊಮೋ ಇನ್ ಫಿಲ್ಮಿಂ
ಡೈರಕ್ಷನ್ ಪದವೀಧರ

ಚಾಮರಾಜನಗರ: ನಿವಾಸಿ ಸಿ.ಎಂ. ಮಾದಯ್ಯ ಮತ್ತು ತಾಯಿ ನಾಗಮ್ಮನವರ ಪುತ್ರ ಸಿ.ಎಂ. ನರಸಿಂಹಮೂರ್ತಿ ಸಿವಿಲ್ ಇಂಜಿನಿಯರಿಂಗ್ ಮತ್ತು ಡಿಪ್ಲೊಮಾ ಇನ್ ಫಿಲ್ಮ್ ಡೈರಕ್ಷನ್‌ನಲ್ಲಿ ಪದವಿ ಪಡೆದಿದ್ದಾರೆ. ಬಾಲ್ಯದಲ್ಲೇ ಜಾನಪದ ಕಲೆಯತ್ತ ಆಕರ್ಷಿತರಾದ ಸಿ.ಎಂ. ನರಸಿಂಹಮೂರ್ತಿ ಅನೇಕ ಜಾನಪದ ಹಿರಿಯರಿಂದ ತರಬೇತಿ ಪಡೆದು ರಾಜ್ಯ, ರಾಷ್ಟ್ರ ಮತ್ತು ಅಂತರಾಷ್ಟ್ರೀಯ ಮಟ್ಟದಲ್ಲಿ ಕಾರ್ಯಕ್ರಮ ನೀಡಿದ್ದಾರೆ. ಜಾನಪದ ಗಾಯನದಲ್ಲಿ ರಾಜ್ಯೋತ್ಸವ ಪ್ರಶಸ್ತಿ ಸೇರಿದಂತೆ ಹಲವಾರು ಪ್ರಶಸ್ತಿ ಪುರಸ್ಕಾರಗಳು ಲಭಿಸಿವೆ. ಮಂಟೇಸ್ವಾಮಿ ಕಥಾಪ್ರಸಂಗ ಗಾಯನ ಶೈಲಿಯಲ್ಲಿ ನೀಲಗಾರರ ಹಾಡುಗಳನ್ನು ಹಾಡುವ ಮೂಲಕ ಜನಮನ್ನಣೆ ಗಳಿಸಿದ್ದಾರೆ. ಹಲವಾರು ಧ್ವನಿಸುರುಳಿಗಳನ್ನು ಹೊರತಂದಿದ್ದಾರೆ. ಜಾನಪದ ಗಾಯಕರಾಗಿ ಅಲ್ಲದೆ ಚಲನಚಿತ್ರ ಕ್ಷೇತ್ರದಲ್ಲಿಯೂ ತೊಡಗಿಸಿಕೊಂಡಿದ್ದಾರೆ. ರಂಗ ನಾಟಕ ಸಂಸ್ಥೆ ಸ್ಥಾಪಿಸಿ ರಂಗ ಚಟುವಟಿಕೆಗಳನ್ನು ನಡೆಸುತ್ತಿದ್ದಾರೆ. ಕನ್ನಡ ಮತ್ತು ಸಂಸ್ಕೃತಿ ಇಲಾಖೆ ಹಾಗೂ ಜಾನಪದ ಅಕಾಡೆಮಿ ಸಹಯೋಗದಲ್ಲಿ ಯುವ ಕಲಾವಿದರಿಗೆ ತರಬೇತಿ ನೀಡುತ್ತಿದ್ದಾರೆ. ಶಿಬಿರಗಳನ್ನು ಆಯೋಜಿಸಿ ಯುವ ಪೀಳಿಗೆಗೆ ಜಾನಪದ ಕಲೆಯನ್ನು ಪರಿಚಯಿಸುತ್ತಿದ್ದಾರೆ. ಇವರ ಸೇವೆ ಜಿಲ್ಲೆಗೆ ಹೆಮ್ಮೆಯ ಸಂಗತಿಯಾಗಿದೆ.
